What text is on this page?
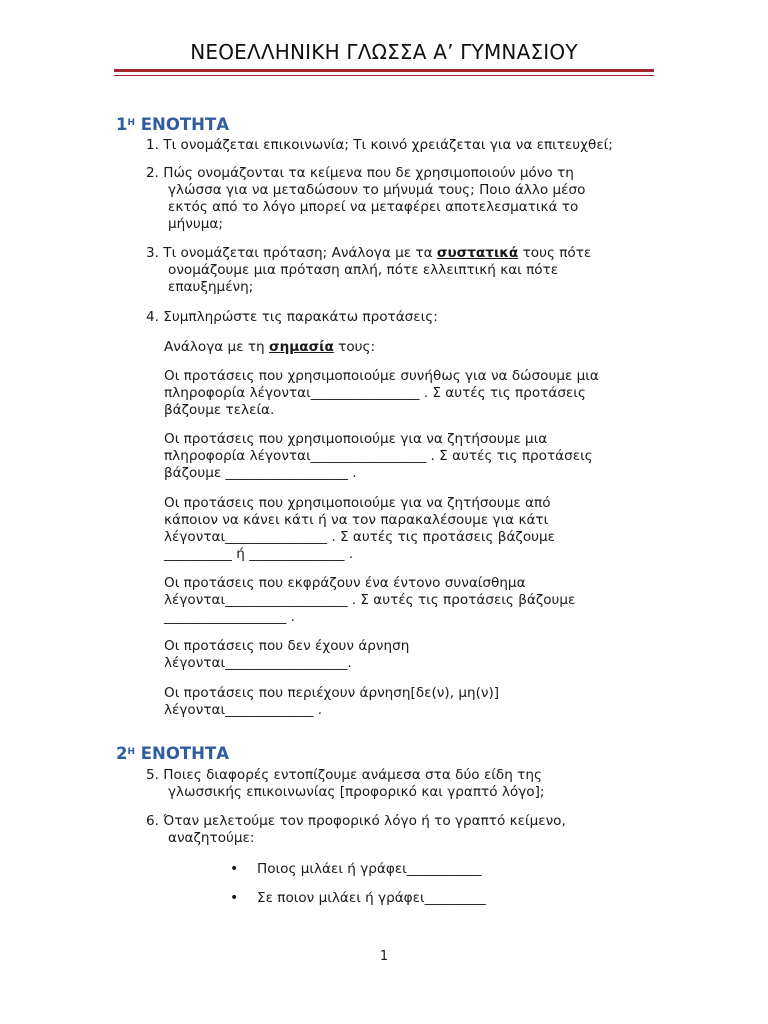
ΝΕΟΕΛΛΗΝΙΚΗ ΓΛΩΣΣΑ Α’ ΓΥΜΝΑΣΙΟΥ
$1^H$ ΕΝΟΤΗΤΑ
1. Τι ονομάζεται επικοινωνία; Τι κοινό χρειάζεται για να επιτευχθεί;
2. Πώς ονομάζονται τα κείμενα που δε χρησιμοποιούν μόνο τη
γλώσσα για να μεταδώσουν το μήνυμά τους; Ποιο άλλο μέσο
εκτός από το λόγο μπορεί να μεταφέρει αποτελεσματικά το
μήνυμα;
3. Τι ονομάζεται πρόταση; Ανάλογα με τα συστατικά τους πότε
ονομάζουμε μια πρόταση απλή, πότε ελλειπτική και πότε
επαυξημένη;
4. Συμπληρώστε τις παρακάτω προτάσεις:
Ανάλογα με τη σημασία τους:
Οι προτάσεις που χρησιμοποιούμε συνήθως για να δώσουμε μια
πληροφορία λέγονται________________ . Σ αυτές τις προτάσεις
βάζουμε τελεία.
Οι προτάσεις που χρησιμοποιούμε για να ζητήσουμε μια
πληροφορία λέγονται_________________ . Σ αυτές τις προτάσεις
βάζουμε __________________ .
Οι προτάσεις που χρησιμοποιούμε για να ζητήσουμε από
κάποιον να κάνει κάτι ή να τον παρακαλέσουμε για κάτι
λέγονται_______________ . Σ αυτές τις προτάσεις βάζουμε
__________ ή ______________ .
Οι προτάσεις που εκφράζουν ένα έντονο συναίσθημα
λέγονται__________________ . Σ αυτές τις προτάσεις βάζουμε
__________________ .
Οι προτάσεις που δεν έχουν άρνηση
λέγονται__________________.
Οι προτάσεις που περιέχουν άρνηση[δε(ν), μη(ν)]
λέγονται_____________ .
$2^H$ ΕΝΟΤΗΤΑ
5. Ποιες διαφορές εντοπίζουμε ανάμεσα στα δύο είδη της
γλωσσικής επικοινωνίας [προφορικό και γραπτό λόγο];
6. Όταν μελετούμε τον προφορικό λόγο ή το γραπτό κείμενο,
αναζητούμε:
• Ποιος μιλάει ή γράφει___________
• Σε ποιον μιλάει ή γράφει_________
1
